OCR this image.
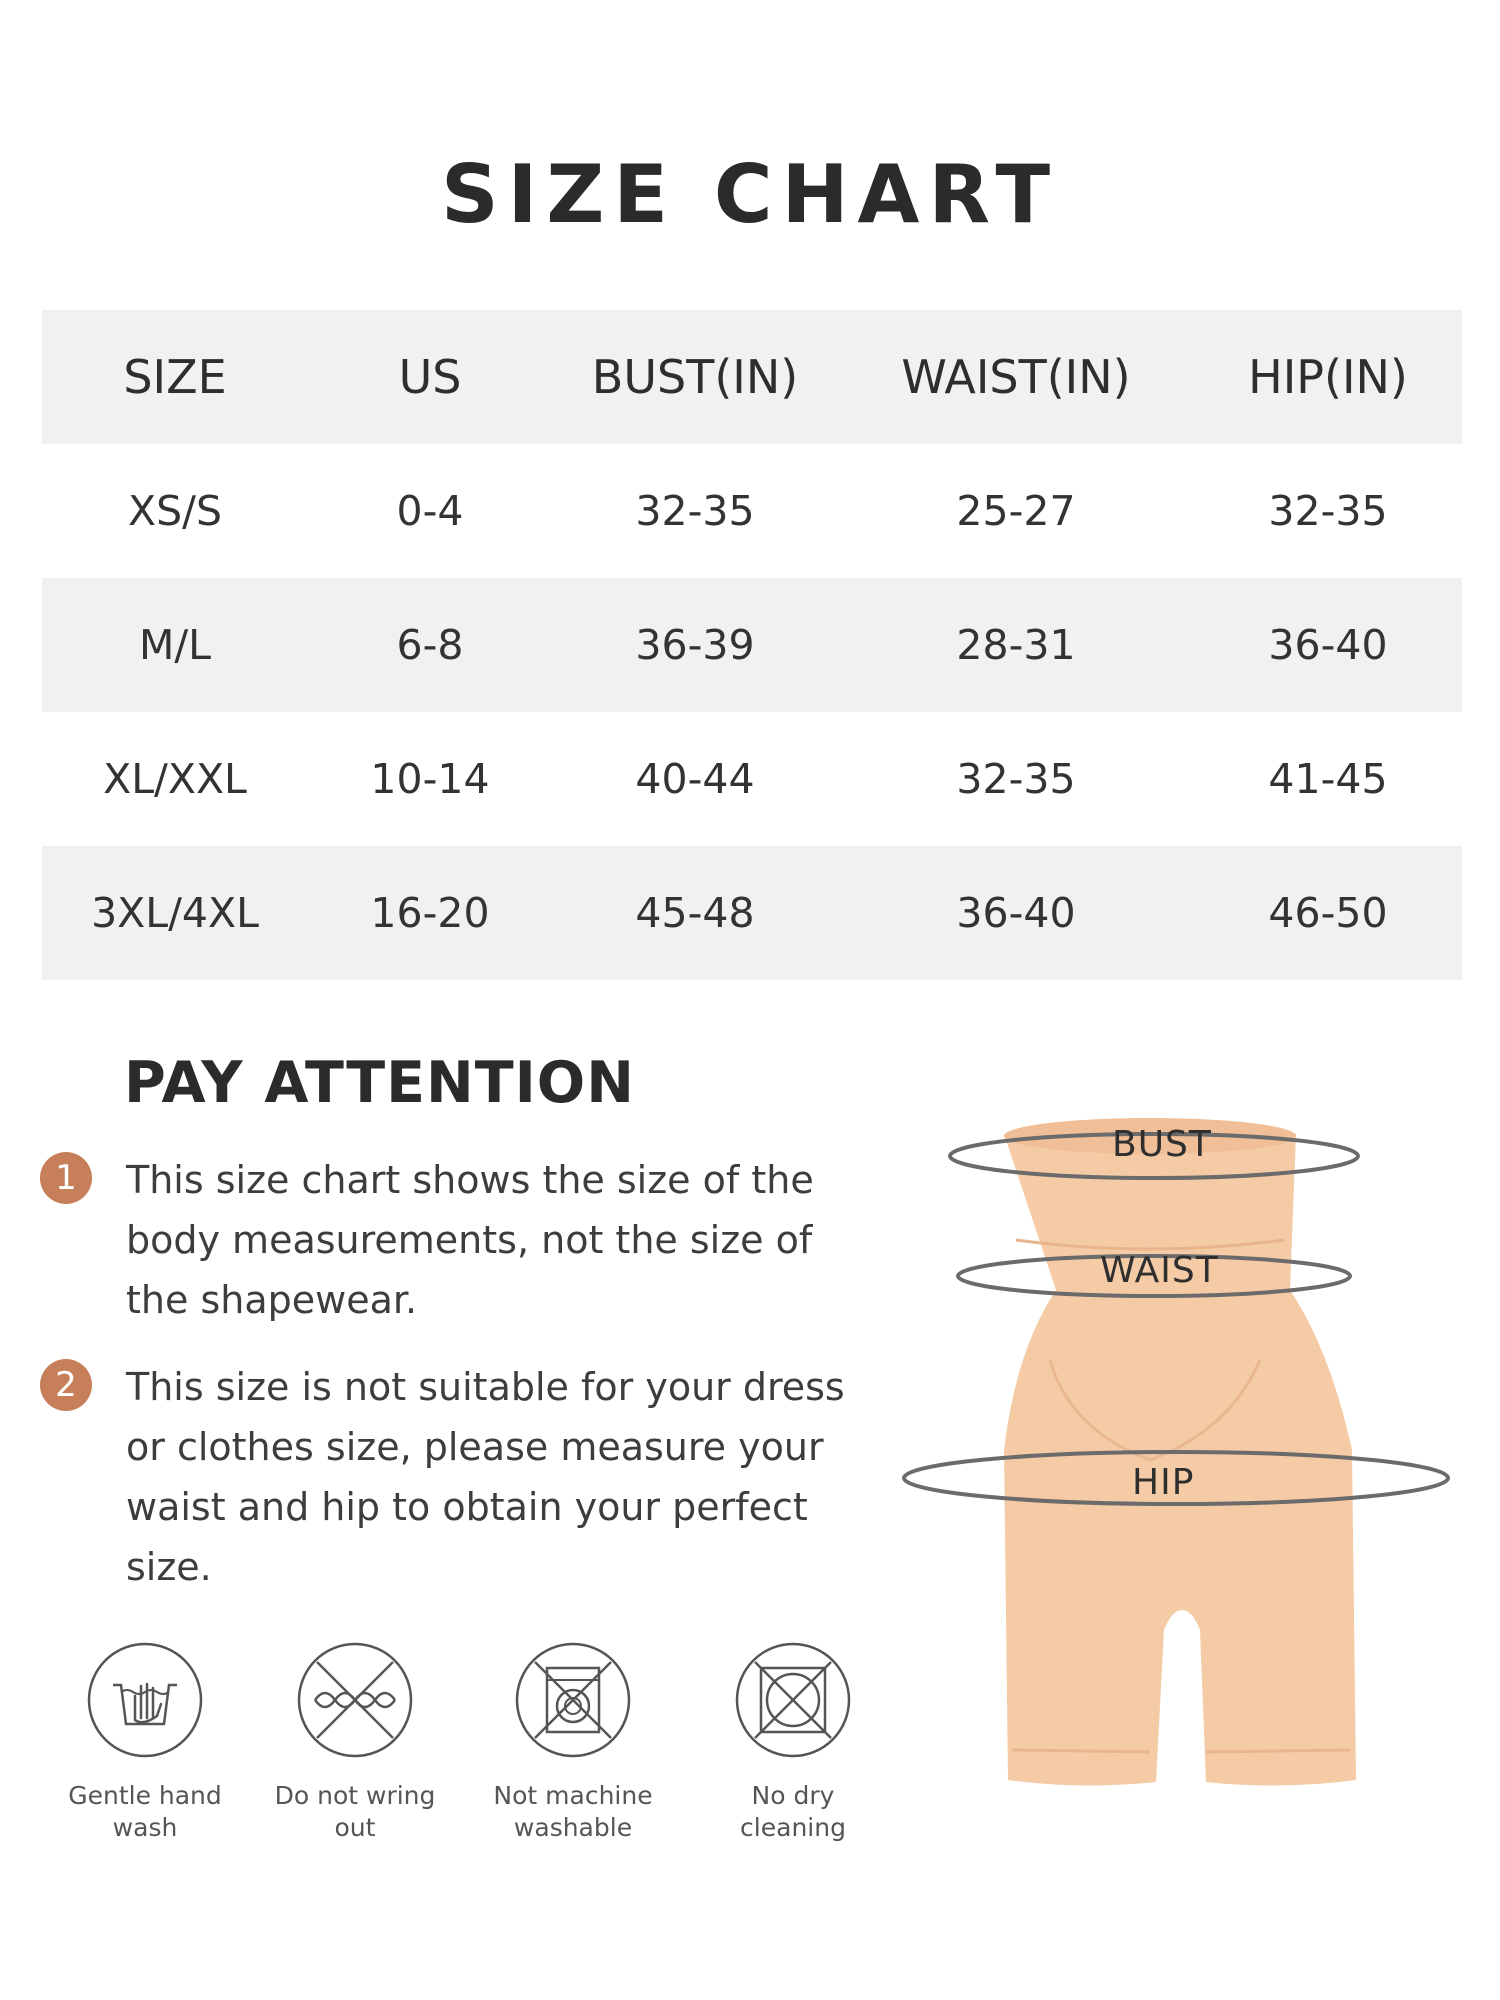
SIZE CHART
SIZE	US	BUST(IN)	WAIST(IN)	HIP(IN)
XS/S	0-4	32-35	25-27	32-35
M/L	6-8	36-39	28-31	36-40
XL/XXL	10-14	40-44	32-35	41-45
3XL/4XL	16-20	45-48	36-40	46-50
PAY ATTENTION
1	This size chart shows the size of the body measurements, not the size of the shapewear.
2	This size is not suitable for your dress or clothes size, please measure your waist and hip to obtain your perfect size.
Gentle hand wash
Do not wring out
Not machine washable
No dry cleaning
BUST
WAIST
HIP
